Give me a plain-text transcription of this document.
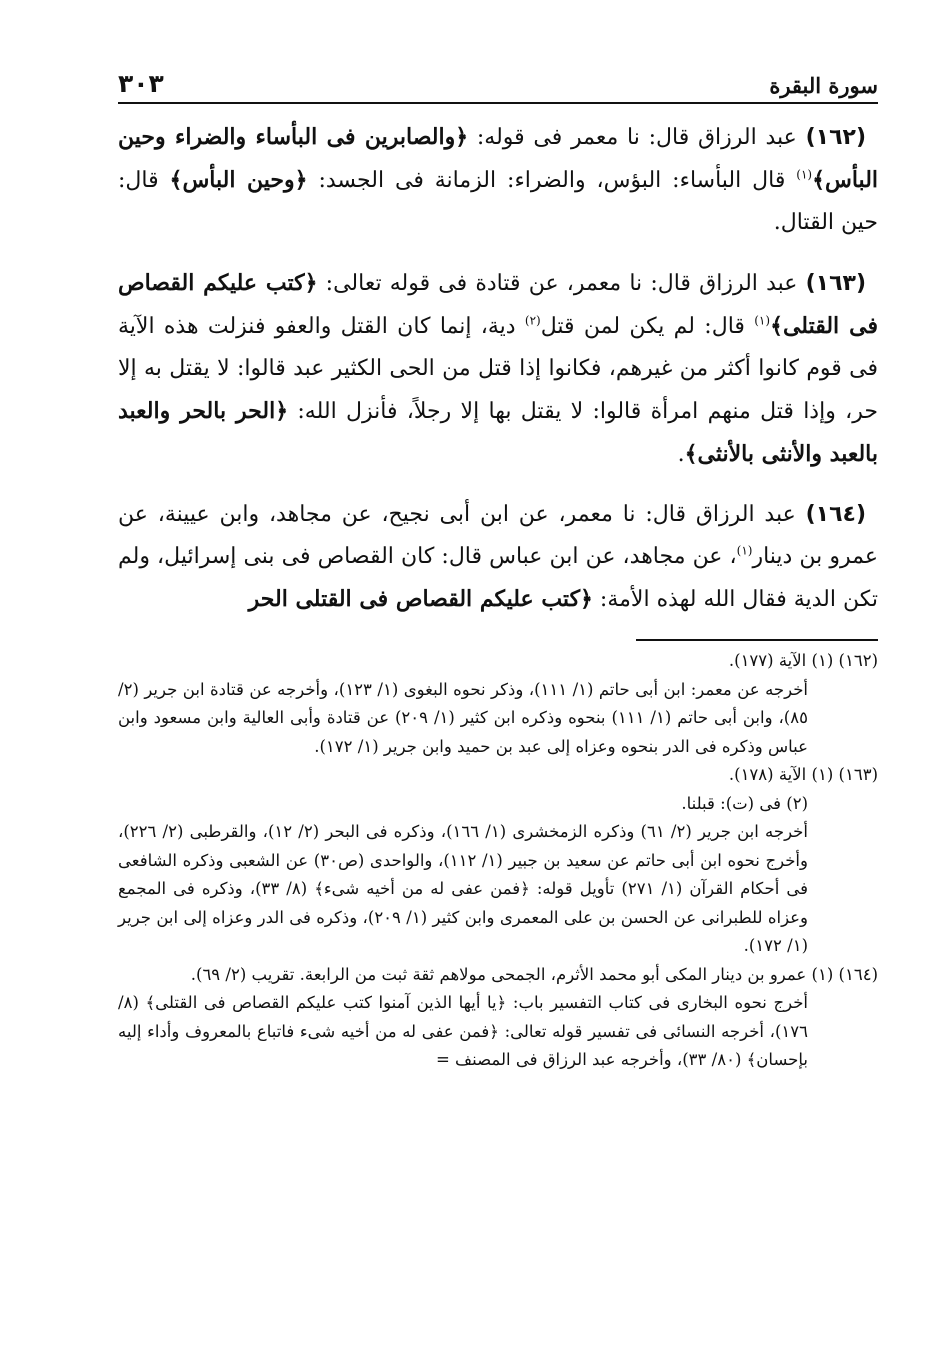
سورة البقرة
٣٠٣

(١٦٢) عبد الرزاق قال: نا معمر فى قوله: ﴿والصابرين فى البأساء والضراء وحين البأس﴾$^{(١)}$ قال البأساء: البؤس، والضراء: الزمانة فى الجسد: ﴿وحين البأس﴾ قال: حين القتال.

(١٦٣) عبد الرزاق قال: نا معمر، عن قتادة فى قوله تعالى: ﴿كتب عليكم القصاص فى القتلى﴾$^{(١)}$ قال: لم يكن لمن قتل$^{(٢)}$ دية، إنما كان القتل والعفو فنزلت هذه الآية فى قوم كانوا أكثر من غيرهم، فكانوا إذا قتل من الحى الكثير عبد قالوا: لا يقتل به إلا حر، وإذا قتل منهم امرأة قالوا: لا يقتل بها إلا رجلاً، فأنزل الله: ﴿الحر بالحر والعبد بالعبد والأنثى بالأنثى﴾.

(١٦٤) عبد الرزاق قال: نا معمر، عن ابن أبى نجيح، عن مجاهد، وابن عيينة، عن عمرو بن دينار$^{(١)}$، عن مجاهد، عن ابن عباس قال: كان القصاص فى بنى إسرائيل، ولم تكن الدية فقال الله لهذه الأمة: ﴿كتب عليكم القصاص فى القتلى الحر

(١٦٢) (١) الآية (١٧٧).
أخرجه عن معمر: ابن أبى حاتم (١/ ١١١)، وذكر نحوه البغوى (١/ ١٢٣)، وأخرجه عن قتادة ابن جرير (٢/ ٨٥)، وابن أبى حاتم (١/ ١١١) بنحوه وذكره ابن كثير (١/ ٢٠٩) عن قتادة وأبى العالية وابن مسعود وابن عباس وذكره فى الدر بنحوه وعزاه إلى عبد بن حميد وابن جرير (١/ ١٧٢).
(١٦٣) (١) الآية (١٧٨).
(٢) فى (ت): قبلنا.
أخرجه ابن جرير (٢/ ٦١) وذكره الزمخشرى (١/ ١٦٦)، وذكره فى البحر (٢/ ١٢)، والقرطبى (٢/ ٢٢٦)، وأخرج نحوه ابن أبى حاتم عن سعيد بن جبير (١/ ١١٢)، والواحدى (ص٣٠) عن الشعبى وذكره الشافعى فى أحكام القرآن (١/ ٢٧١) تأويل قوله: ﴿فمن عفى له من أخيه شىء﴾ (٨/ ٣٣)، وذكره فى المجمع وعزاه للطبرانى عن الحسن بن على المعمرى وابن كثير (١/ ٢٠٩)، وذكره فى الدر وعزاه إلى ابن جرير (١/ ١٧٢).
(١٦٤) (١) عمرو بن دينار المكى أبو محمد الأثرم، الجمحى مولاهم ثقة ثبت من الرابعة. تقريب (٢/ ٦٩).
أخرج نحوه البخارى فى كتاب التفسير باب: ﴿يا أيها الذين آمنوا كتب عليكم القصاص فى القتلى﴾ (٨/ ١٧٦)، أخرجه النسائى فى تفسير قوله تعالى: ﴿فمن عفى له من أخيه شىء فاتباع بالمعروف وأداء إليه بإحسان﴾ (٨٠/ ٣٣)، وأخرجه عبد الرزاق فى المصنف =
